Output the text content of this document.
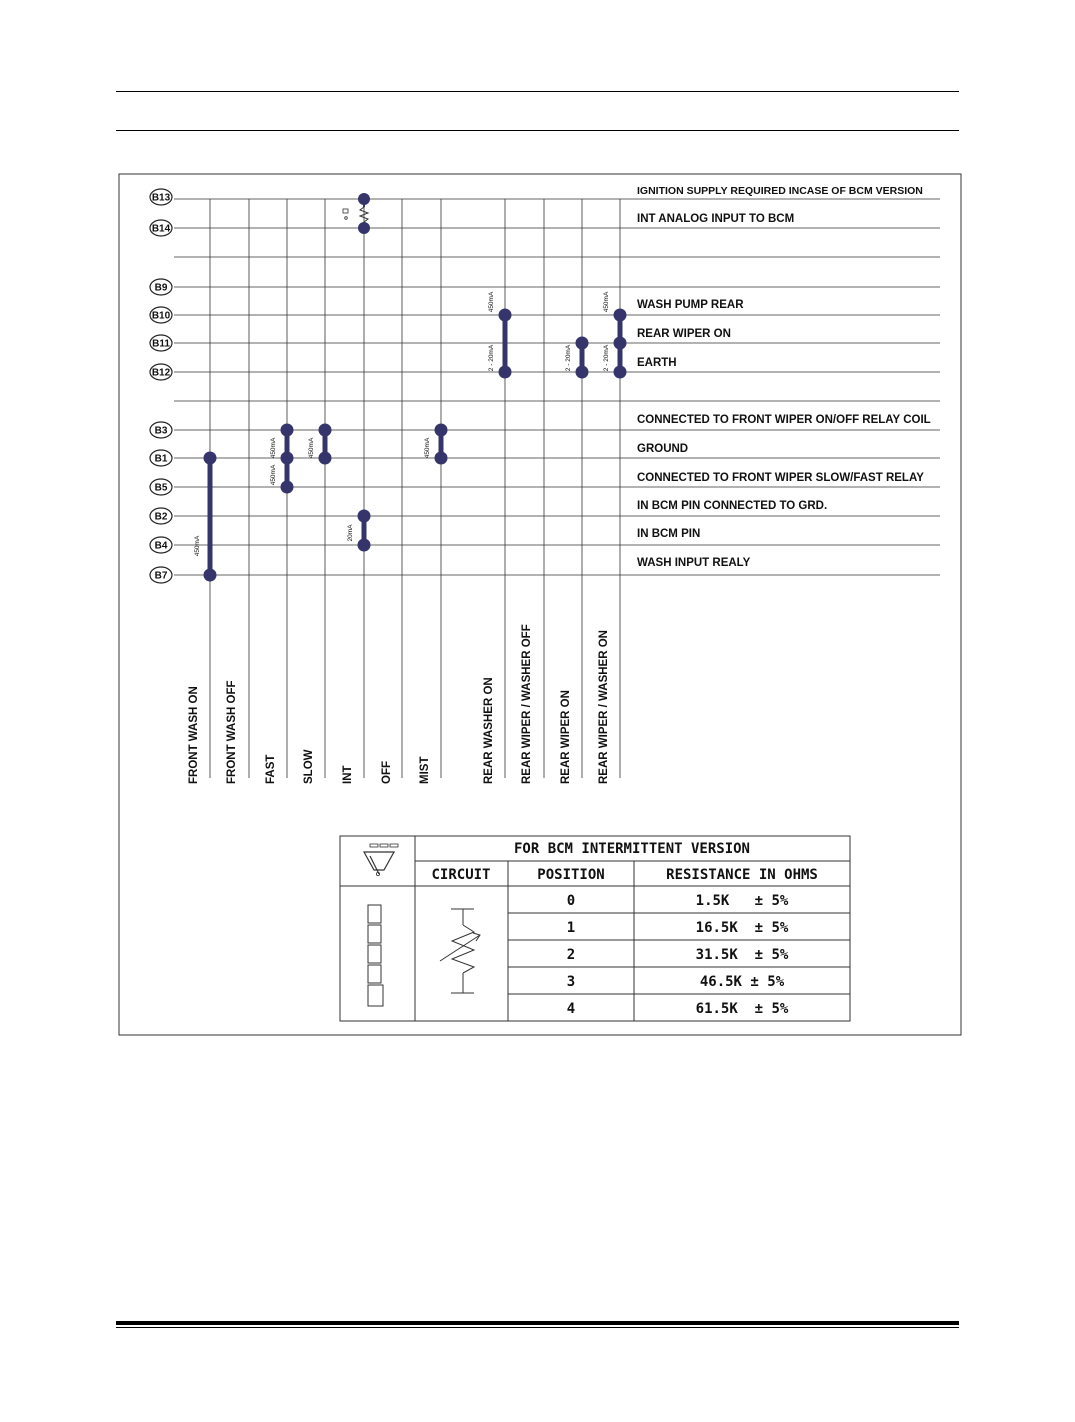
B13
B14
B9
B10
B11
B12
B3
B1
B5
B2
B4
B7
IGNITION SUPPLY REQUIRED INCASE OF BCM VERSION
INT ANALOG INPUT TO BCM
WASH PUMP REAR
REAR WIPER ON
EARTH
CONNECTED TO FRONT WIPER ON/OFF RELAY COIL
GROUND
CONNECTED TO FRONT WIPER SLOW/FAST RELAY
IN BCM PIN CONNECTED TO GRD.
IN BCM PIN
WASH INPUT REALY
450mA
450mA
450mA
450mA
20mA
450mA
450mA
2 - 20mA	2 - 20mA
450mA
2 - 20mA
FRONT WASH ON FRONT WASH OFF FAST SLOW INT OFF MIST	REAR WASHER ON REAR WIPER / WASHER OFF REAR WIPER ON REAR WIPER / WASHER ON
FOR BCM INTERMITTENT VERSION
CIRCUIT	POSITION	RESISTANCE IN OHMS
0	1.5K   ± 5%
1	16.5K  ± 5%
2	31.5K  ± 5%
3	46.5K ± 5%
4	61.5K  ± 5%
